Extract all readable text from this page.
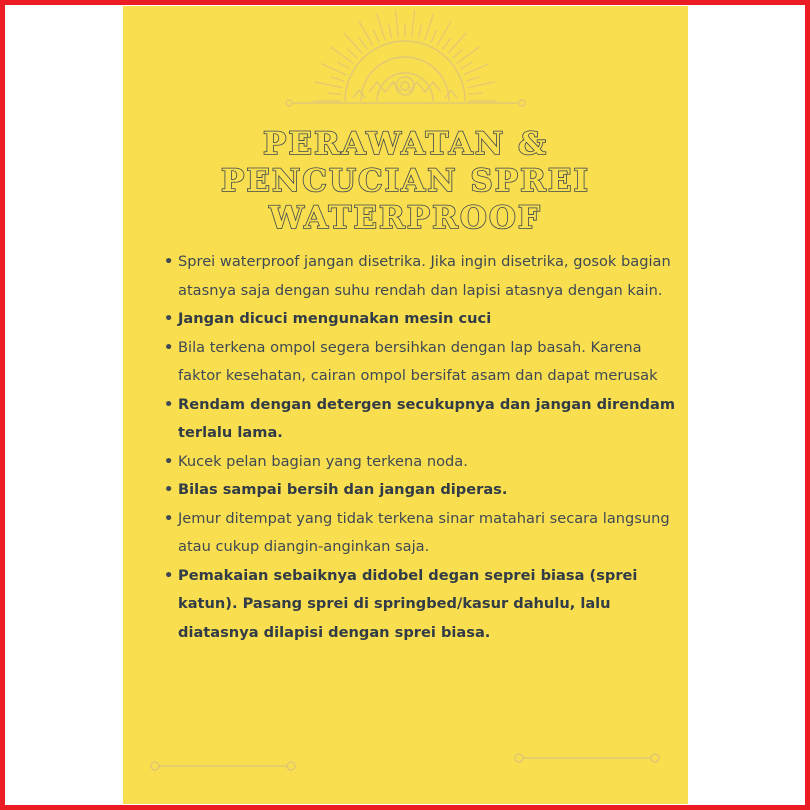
PERAWATAN &
PENCUCIAN SPREI
WATERPROOF
• Sprei waterproof jangan disetrika. Jika ingin disetrika, gosok bagian atasnya saja dengan suhu rendah dan lapisi atasnya dengan kain.
• Jangan dicuci mengunakan mesin cuci
• Bila terkena ompol segera bersihkan dengan lap basah. Karena faktor kesehatan, cairan ompol bersifat asam dan dapat merusak
• Rendam dengan detergen secukupnya dan jangan direndam terlalu lama.
• Kucek pelan bagian yang terkena noda.
• Bilas sampai bersih dan jangan diperas.
• Jemur ditempat yang tidak terkena sinar matahari secara langsung atau cukup diangin-anginkan saja.
• Pemakaian sebaiknya didobel degan seprei biasa (sprei katun). Pasang sprei di springbed/kasur dahulu, lalu diatasnya dilapisi dengan sprei biasa.
